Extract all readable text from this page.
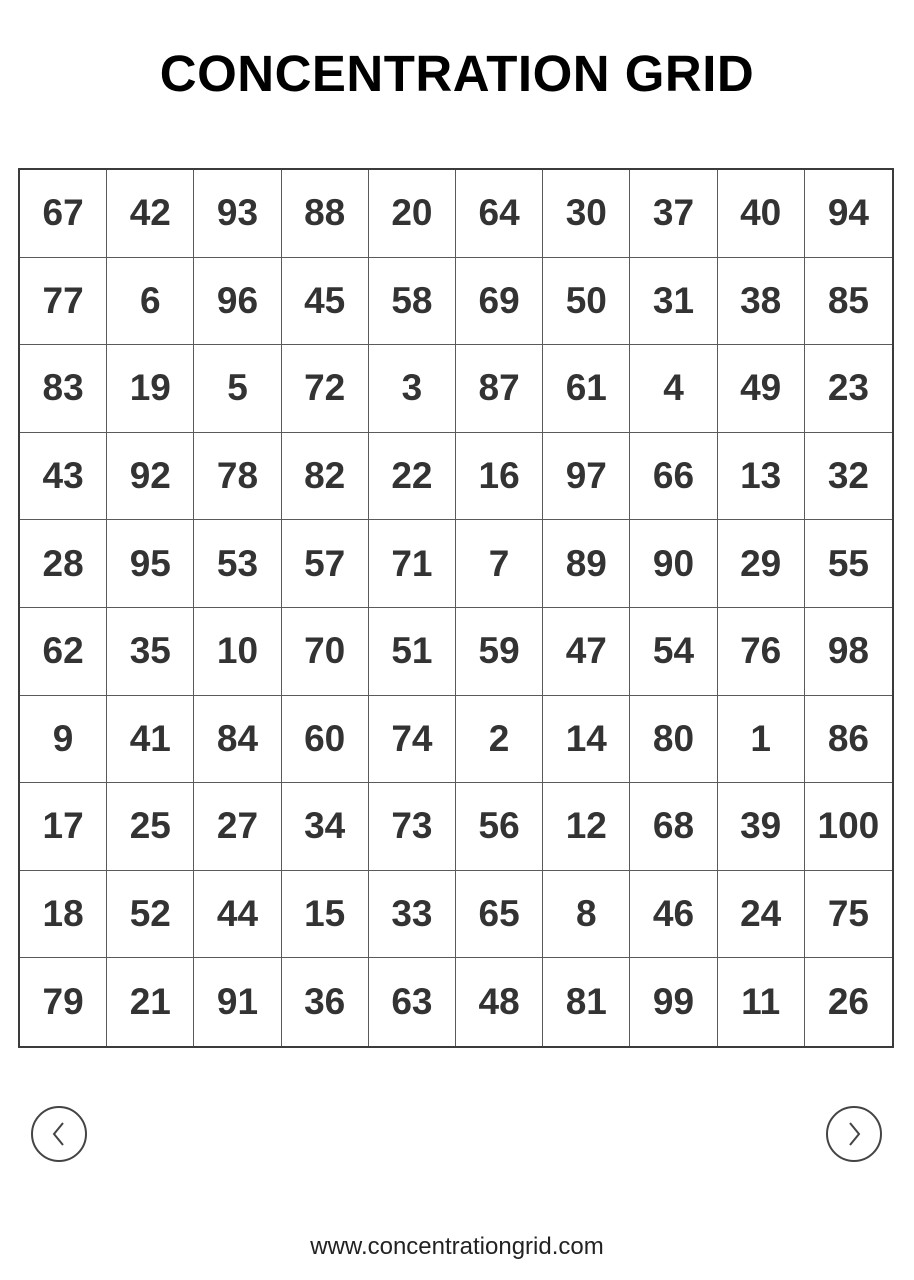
CONCENTRATION GRID
67	42	93	88	20	64	30	37	40	94
77	6	96	45	58	69	50	31	38	85
83	19	5	72	3	87	61	4	49	23
43	92	78	82	22	16	97	66	13	32
28	95	53	57	71	7	89	90	29	55
62	35	10	70	51	59	47	54	76	98
9	41	84	60	74	2	14	80	1	86
17	25	27	34	73	56	12	68	39 100
18	52	44	15	33	65	8	46	24	75
79	21	91	36	63	48	81	99	11	26
www.concentrationgrid.com
